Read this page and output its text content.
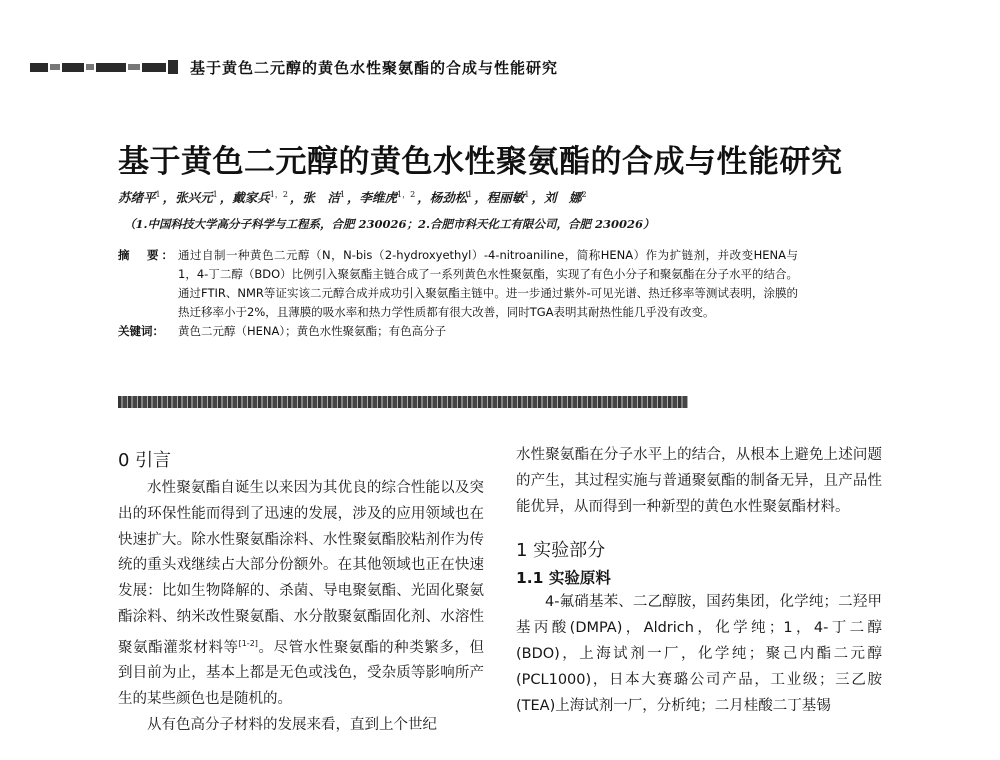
基于黄色二元醇的黄色水性聚氨酯的合成与性能研究
基于黄色二元醇的黄色水性聚氨酯的合成与性能研究
苏绪平$^1$ ，张兴元$^1$ ，戴家兵$^{1,2}$ ，张　洁$^1$ ，李维虎$^{1,2}$ ，杨劲松$^1$ ，程丽敏$^1$ ，刘　娜$^2$
（1.中国科技大学高分子科学与工程系，合肥 230026；2.合肥市科天化工有限公司，合肥 230026）
摘　要： 通过自制一种黄色二元醇（N，N-bis（2-hydroxyethyl）-4-nitroaniline，简称HENA）作为扩链剂，并改变HENA与1，4-丁二醇（BDO）比例引入聚氨酯主链合成了一系列黄色水性聚氨酯，实现了有色小分子和聚氨酯在分子水平的结合。通过FTIR、NMR等证实该二元醇合成并成功引入聚氨酯主链中。进一步通过紫外-可见光谱、热迁移率等测试表明，涂膜的热迁移率小于2%，且薄膜的吸水率和热力学性质都有很大改善，同时TGA表明其耐热性能几乎没有改变。
关键词：	黄色二元醇（HENA）；黄色水性聚氨酯；有色高分子
0 引言

水性聚氨酯自诞生以来因为其优良的综合性能以及突出的环保性能而得到了迅速的发展，涉及的应用领域也在快速扩大。除水性聚氨酯涂料、水性聚氨酯胶粘剂作为传统的重头戏继续占大部分份额外。在其他领域也正在快速发展：比如生物降解的、杀菌、导电聚氨酯、光固化聚氨酯涂料、纳米改性聚氨酯、水分散聚氨酯固化剂、水溶性聚氨酯灌浆材料等[1-2]。尽管水性聚氨酯的种类繁多，但到目前为止，基本上都是无色或浅色，受杂质等影响所产生的某些颜色也是随机的。

从有色高分子材料的发展来看，直到上个世纪

水性聚氨酯在分子水平上的结合，从根本上避免上述问题的产生，其过程实施与普通聚氨酯的制备无异，且产品性能优异，从而得到一种新型的黄色水性聚氨酯材料。

1 实验部分
1.1 实验原料

4-氟硝基苯、二乙醇胺，国药集团，化学纯；二羟甲基丙酸(DMPA)，Aldrich，化学纯；1，4-丁二醇(BDO)，上海试剂一厂，化学纯；聚己内酯二元醇(PCL1000)，日本大赛璐公司产品，工业级；三乙胺(TEA)上海试剂一厂，分析纯；二月桂酸二丁基锡
